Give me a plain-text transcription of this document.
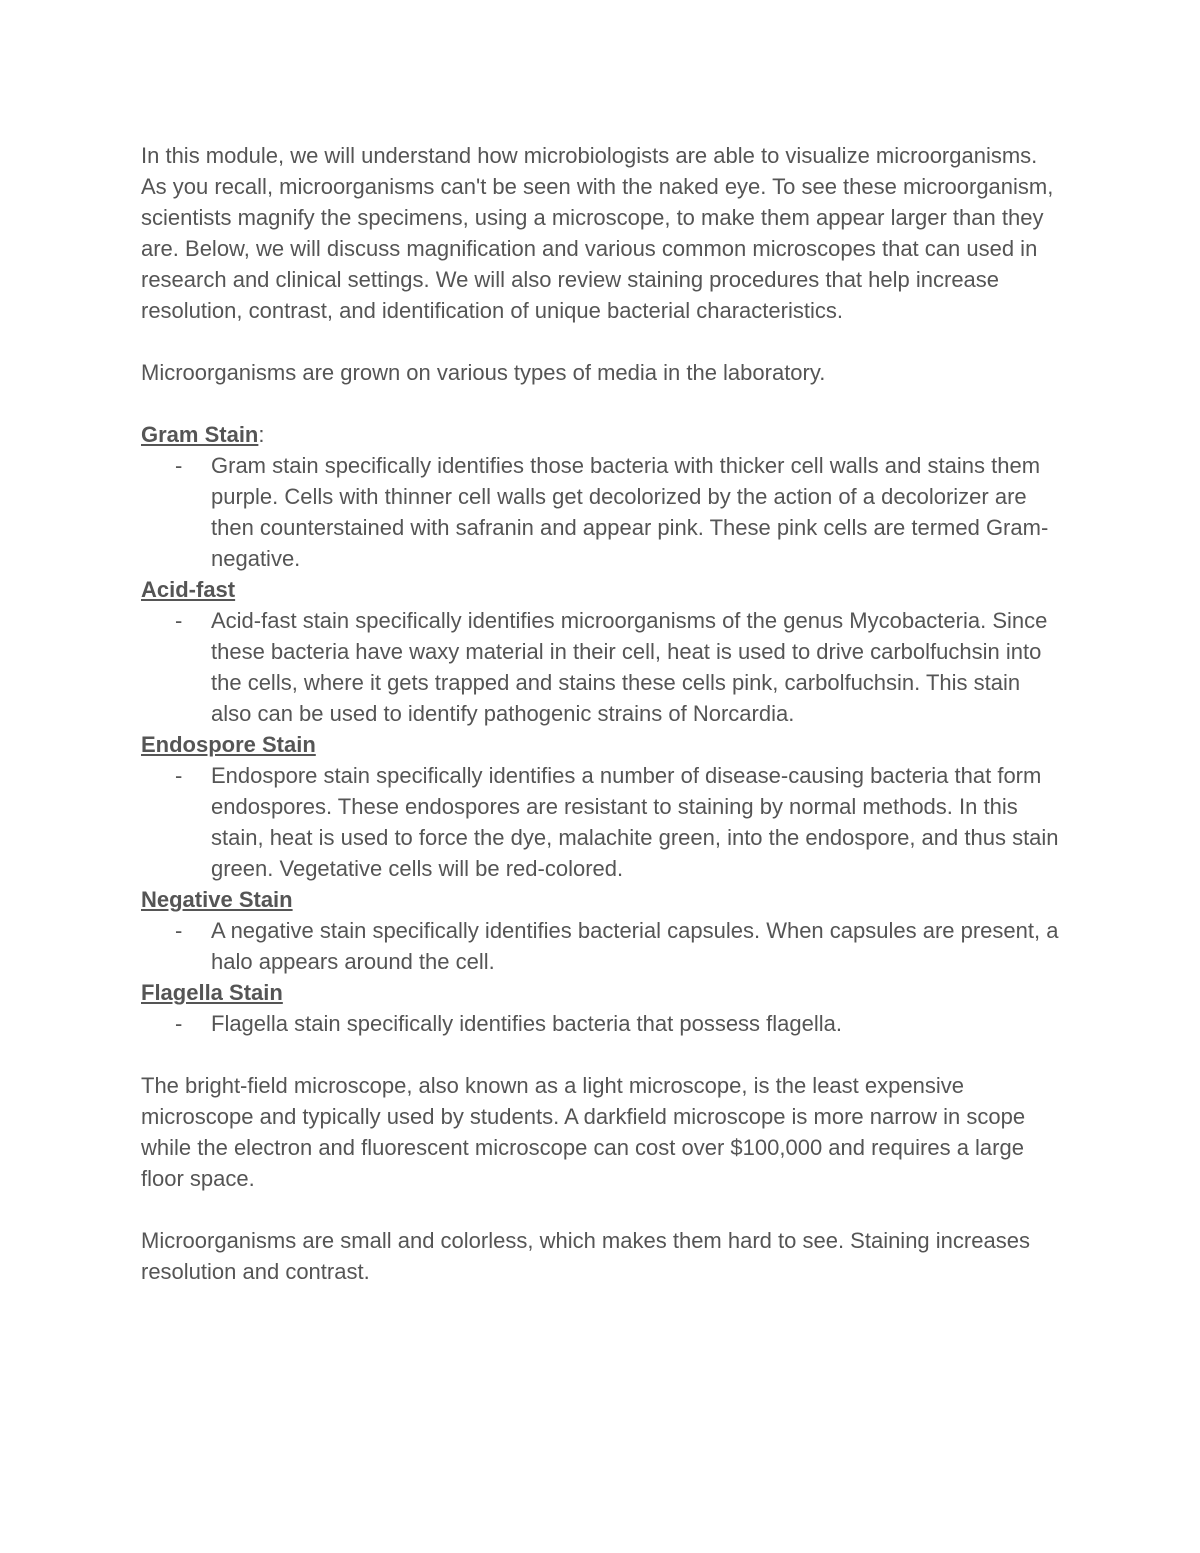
In this module, we will understand how microbiologists are able to visualize microorganisms. As you recall, microorganisms can't be seen with the naked eye. To see these microorganism, scientists magnify the specimens, using a microscope, to make them appear larger than they are. Below, we will discuss magnification and various common microscopes that can used in research and clinical settings. We will also review staining procedures that help increase resolution, contrast, and identification of unique bacterial characteristics.

Microorganisms are grown on various types of media in the laboratory.

Gram Stain:

- Gram stain specifically identifies those bacteria with thicker cell walls and stains them purple. Cells with thinner cell walls get decolorized by the action of a decolorizer are then counterstained with safranin and appear pink. These pink cells are termed Gram-negative.

Acid-fast

- Acid-fast stain specifically identifies microorganisms of the genus Mycobacteria. Since these bacteria have waxy material in their cell, heat is used to drive carbolfuchsin into the cells, where it gets trapped and stains these cells pink, carbolfuchsin. This stain also can be used to identify pathogenic strains of Norcardia.

Endospore Stain

- Endospore stain specifically identifies a number of disease-causing bacteria that form endospores. These endospores are resistant to staining by normal methods. In this stain, heat is used to force the dye, malachite green, into the endospore, and thus stain green. Vegetative cells will be red-colored.

Negative Stain

- A negative stain specifically identifies bacterial capsules. When capsules are present, a halo appears around the cell.

Flagella Stain

- Flagella stain specifically identifies bacteria that possess flagella.

The bright-field microscope, also known as a light microscope, is the least expensive microscope and typically used by students. A darkfield microscope is more narrow in scope while the electron and fluorescent microscope can cost over $100,000 and requires a large floor space.

Microorganisms are small and colorless, which makes them hard to see. Staining increases resolution and contrast.
